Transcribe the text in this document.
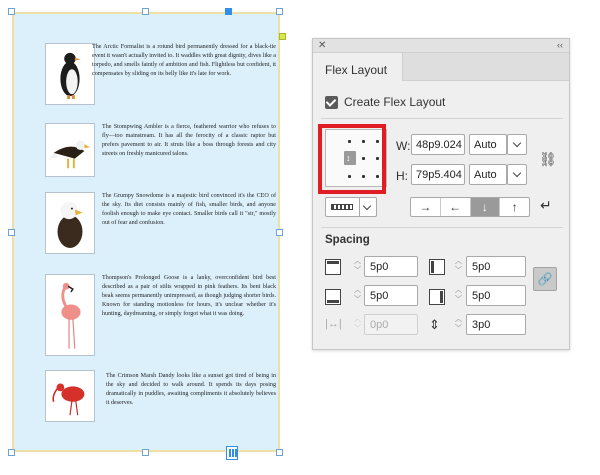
The Arctic Formalist is a rotund bird permanently dressed for a black-tie event it wasn't actually invited to. It waddles with great dignity, dives like a torpedo, and smells faintly of ambition and fish. Flightless but confident, it compensates by sliding on its belly like it's late for work.
The Stompwing Ambler is a fierce, feathered warrior who refuses to fly—too mainstream. It has all the ferocity of a classic raptor but prefers pavement to air. It struts like a boss through forests and city streets on freshly manicured talons.
The Grumpy Snowdome is a majestic bird convinced it's the CEO of the sky. Its diet consists mainly of fish, smaller birds, and anyone foolish enough to make eye contact. Smaller birds call it "sir," mostly out of fear and confusion.
Thompson's Prolonged Goose is a lanky, overconfident bird best described as a pair of stilts wrapped in pink feathers. Its bent black beak seems permanently unimpressed, as though judging shorter birds. Known for standing motionless for hours, it's unclear whether it's hunting, daydreaming, or simply forgot what it was doing.
The Crimson Marsh Dandy looks like a sunset got tired of being in the sky and decided to walk around. It spends its days posing dramatically in puddles, awaiting compliments it absolutely believes it deserves.
✕	‹‹
Flex Layout
Create Flex Layout
↕
W: 48p9.024	Auto
⛓
H: 79p5.404	Auto
→	←	↓	↑	↵
Spacing
︿
﹀ 5p0	︿
﹀ 5p0
🔗
︿
﹀ 5p0	︿
﹀ 5p0
|↔|	︿
﹀ 0p0	⇕	︿
﹀ 3p0
